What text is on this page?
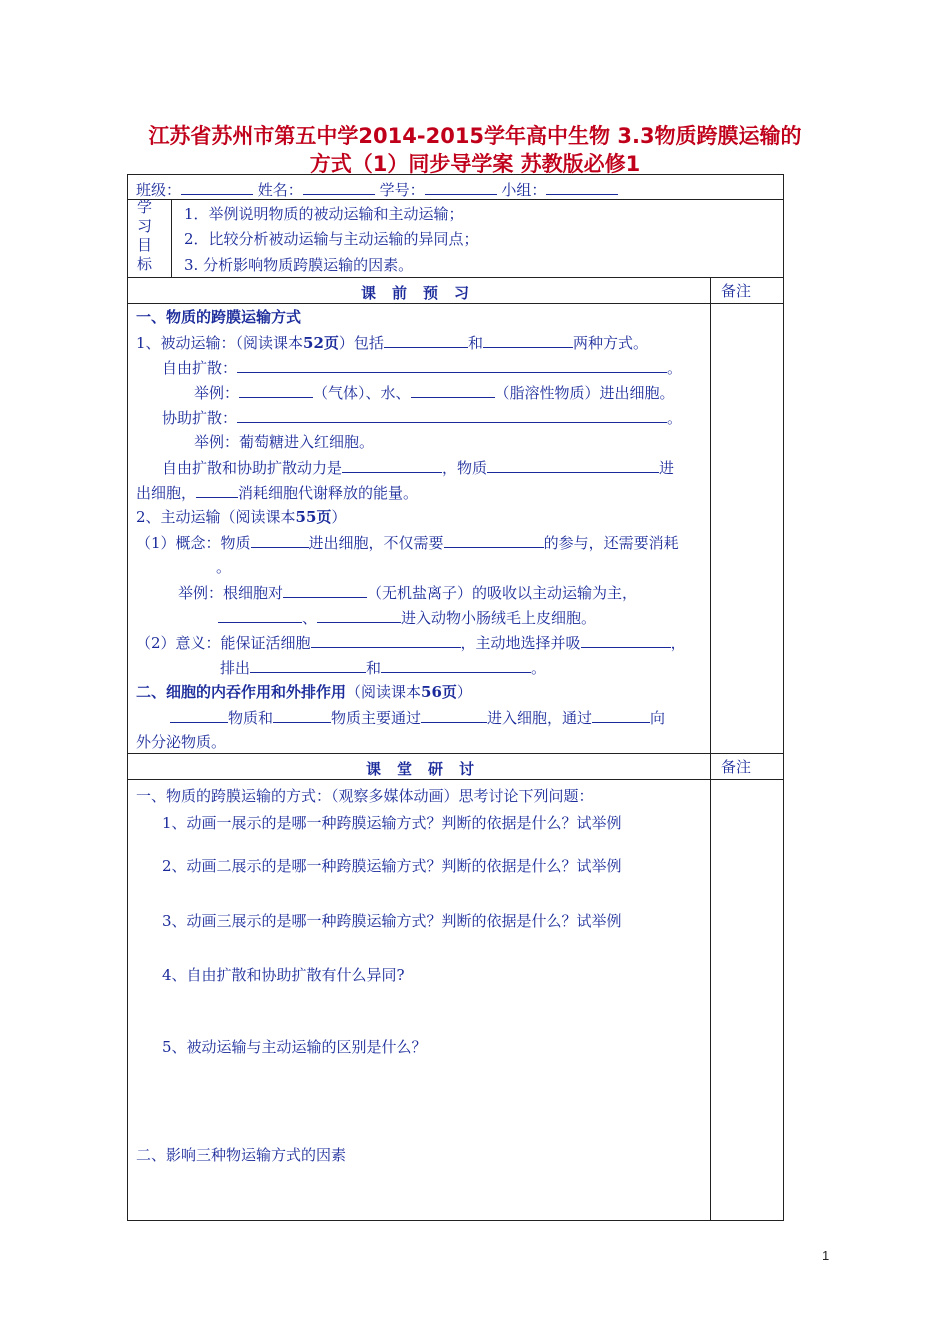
江苏省苏州市第五中学2014-2015学年高中生物 3.3物质跨膜运输的
方式（1）同步导学案 苏教版必修1
班级：	姓名：	学号：	小组：
学
习
目
标
1．举例说明物质的被动运输和主动运输；
2．比较分析被动运输与主动运输的异同点；
3. 分析影响物质跨膜运输的因素。
课前预习	备注
一、物质的跨膜运输方式
1、被动运输：（阅读课本52页）包括	和	两种方式。
自由扩散：	。
举例：	（气体）、水、	（脂溶性物质）进出细胞。
协助扩散：	。
举例：葡萄糖进入红细胞。
自由扩散和协助扩散动力是	，物质	进
出细胞，	消耗细胞代谢释放的能量。
2、主动运输（阅读课本55页）
（1）概念：物质	进出细胞，不仅需要	的参与，还需要消耗
。
举例：根细胞对	（无机盐离子）的吸收以主动运输为主，
、	进入动物小肠绒毛上皮细胞。
（2）意义：能保证活细胞	，主动地选择并吸	，
排出	和	。
二、细胞的内吞作用和外排作用（阅读课本56页）
物质和	物质主要通过	进入细胞，通过	向
外分泌物质。
课堂研讨	备注
一、物质的跨膜运输的方式：（观察多媒体动画）思考讨论下列问题：
1、动画一展示的是哪一种跨膜运输方式？判断的依据是什么？试举例
2、动画二展示的是哪一种跨膜运输方式？判断的依据是什么？试举例
3、动画三展示的是哪一种跨膜运输方式？判断的依据是什么？试举例
4、自由扩散和协助扩散有什么异同?
5、被动运输与主动运输的区别是什么？
二、影响三种物运输方式的因素
1
